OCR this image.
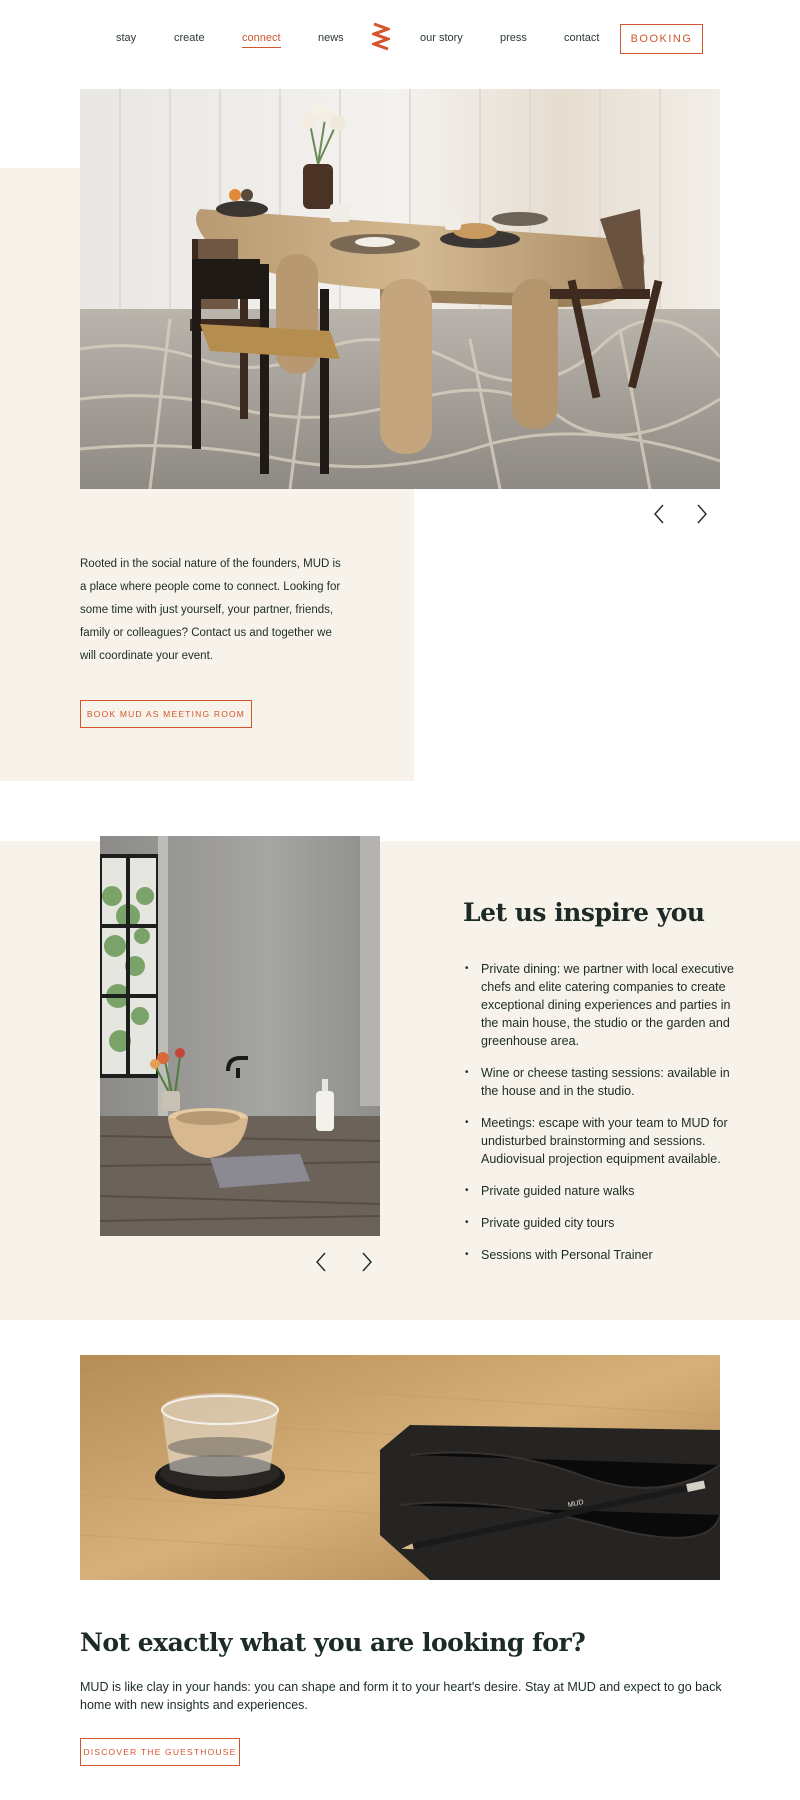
stay	create	connect	news	our story	press	contact	BOOKING

Rooted in the social nature of the founders, MUD is a place where people come to connect. Looking for some time with just yourself, your partner, friends, family or colleagues? Contact us and together we will coordinate your event.

BOOK MUD AS MEETING ROOM
Let us inspire you
• Private dining: we partner with local executive chefs and elite catering companies to create exceptional dining experiences and parties in the main house, the studio or the garden and greenhouse area.
• Wine or cheese tasting sessions: available in the house and in the studio.
• Meetings: escape with your team to MUD for undisturbed brainstorming and sessions. Audiovisual projection equipment available.
• Private guided nature walks
• Private guided city tours
• Sessions with Personal Trainer
MUD
Not exactly what you are looking for?

MUD is like clay in your hands: you can shape and form it to your heart's desire. Stay at MUD and expect to go back home with new insights and experiences.

DISCOVER THE GUESTHOUSE
